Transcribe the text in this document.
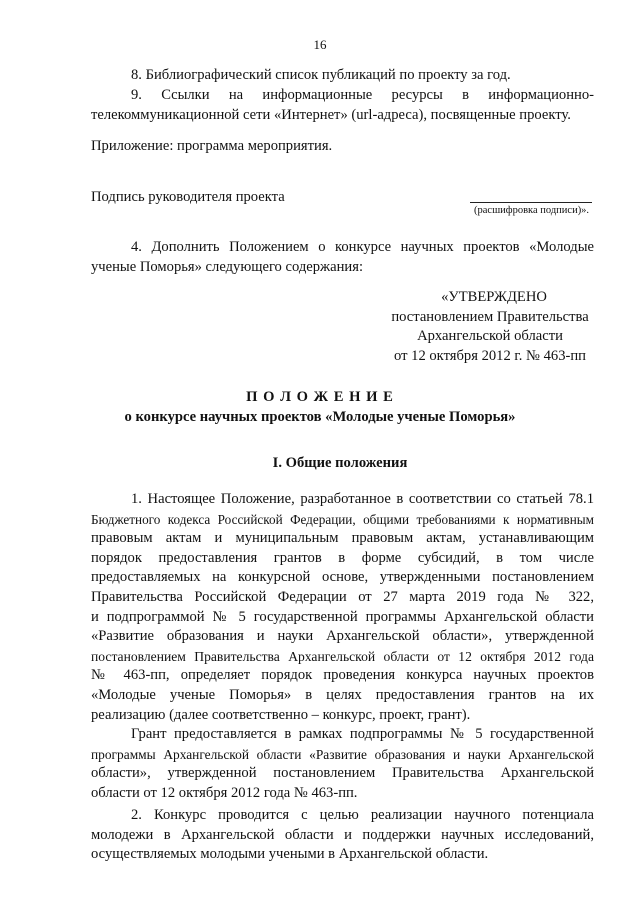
16
8. Библиографический список публикаций по проекту за год.
9. Ссылки на информационные ресурсы в информационно-
телекоммуникационной сети «Интернет» (url-адреса), посвященные проекту.
Приложение: программа мероприятия.
Подпись руководителя проекта
(расшифровка подписи)».
4. Дополнить Положением о конкурсе научных проектов «Молодые
ученые Поморья» следующего содержания:
«УТВЕРЖДЕНО
постановлением Правительства
Архангельской области
от 12 октября 2012 г. № 463-пп
П О Л О Ж Е Н И Е
о конкурсе научных проектов «Молодые ученые Поморья»
I. Общие положения
1. Настоящее Положение, разработанное в соответствии со статьей 78.1
Бюджетного кодекса Российской Федерации, общими требованиями к нормативным
правовым актам и муниципальным правовым актам, устанавливающим
порядок предоставления грантов в форме субсидий, в том числе
предоставляемых на конкурсной основе, утвержденными постановлением
Правительства Российской Федерации от 27 марта 2019 года № 322,
и подпрограммой № 5 государственной программы Архангельской области
«Развитие образования и науки Архангельской области», утвержденной
постановлением Правительства Архангельской области от 12 октября 2012 года
№ 463-пп, определяет порядок проведения конкурса научных проектов
«Молодые ученые Поморья» в целях предоставления грантов на их
реализацию (далее соответственно – конкурс, проект, грант).
Грант предоставляется в рамках подпрограммы № 5 государственной
программы Архангельской области «Развитие образования и науки Архангельской
области», утвержденной постановлением Правительства Архангельской
области от 12 октября 2012 года № 463-пп.
2. Конкурс проводится с целью реализации научного потенциала
молодежи в Архангельской области и поддержки научных исследований,
осуществляемых молодыми учеными в Архангельской области.
